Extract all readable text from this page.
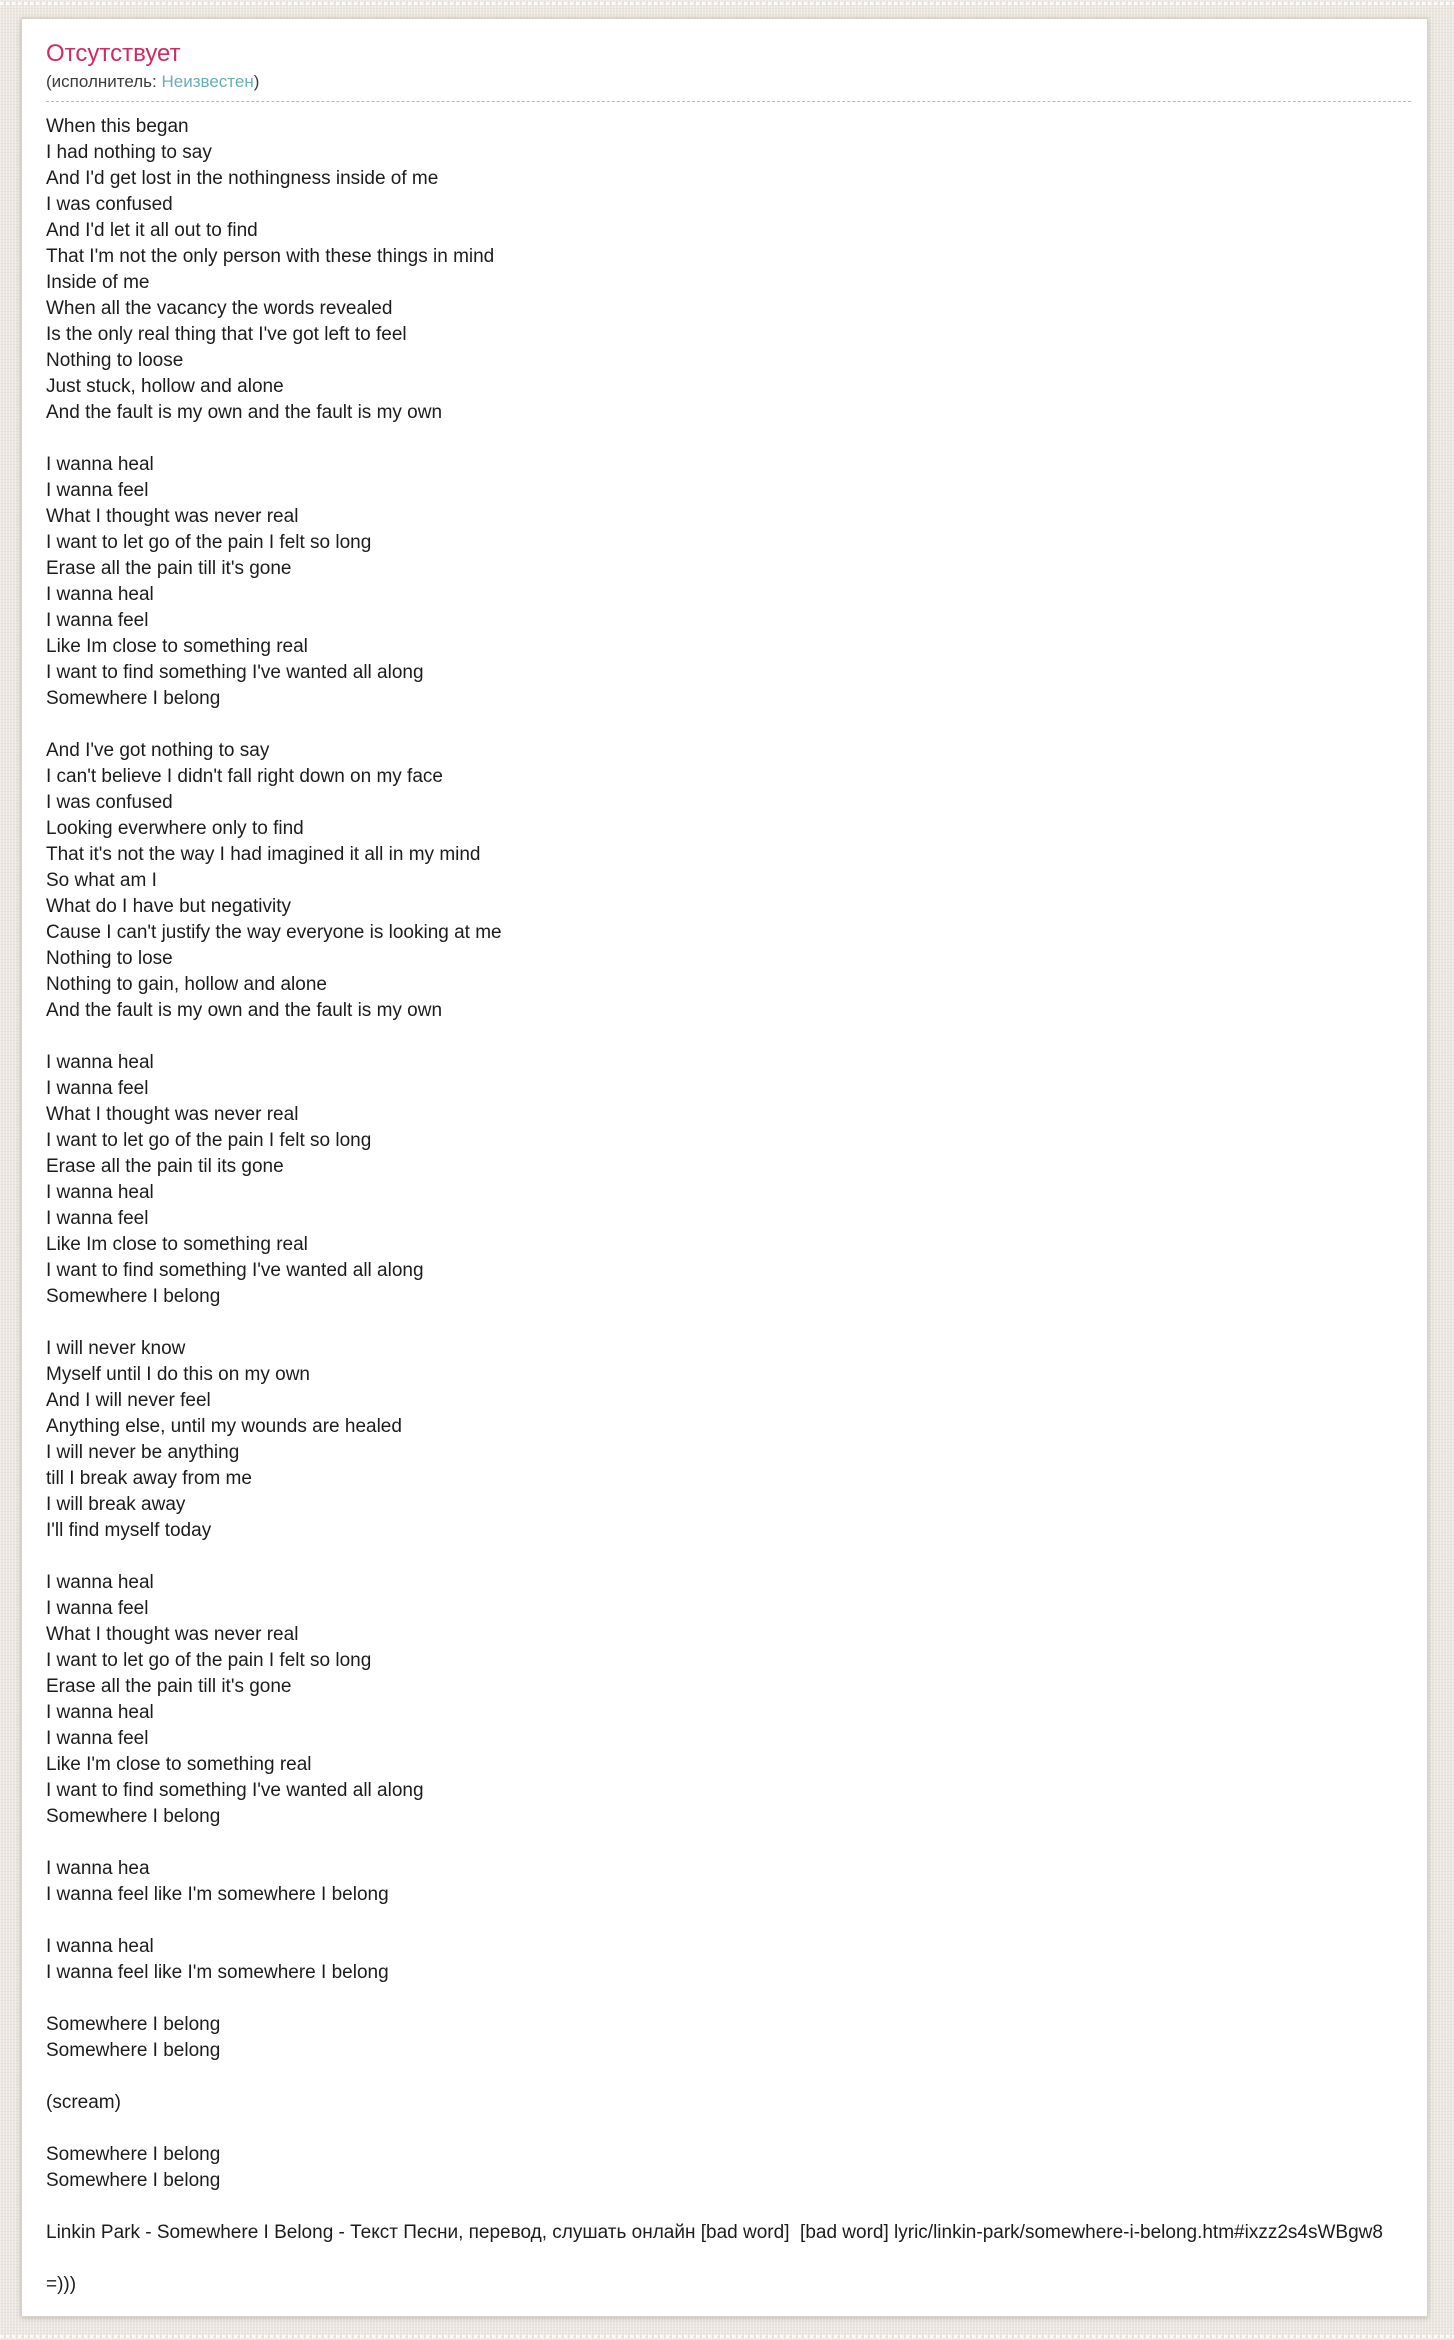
Отсутствует
(исполнитель: Неизвестен)
When this began
I had nothing to say
And I'd get lost in the nothingness inside of me
I was confused
And I'd let it all out to find
That I'm not the only person with these things in mind
Inside of me
When all the vacancy the words revealed
Is the only real thing that I've got left to feel
Nothing to loose
Just stuck, hollow and alone
And the fault is my own and the fault is my own
I wanna heal
I wanna feel
What I thought was never real
I want to let go of the pain I felt so long
Erase all the pain till it's gone
I wanna heal
I wanna feel
Like Im close to something real
I want to find something I've wanted all along
Somewhere I belong
And I've got nothing to say
I can't believe I didn't fall right down on my face
I was confused
Looking everwhere only to find
That it's not the way I had imagined it all in my mind
So what am I
What do I have but negativity
Cause I can't justify the way everyone is looking at me
Nothing to lose
Nothing to gain, hollow and alone
And the fault is my own and the fault is my own
I wanna heal
I wanna feel
What I thought was never real
I want to let go of the pain I felt so long
Erase all the pain til its gone
I wanna heal
I wanna feel
Like Im close to something real
I want to find something I've wanted all along
Somewhere I belong
I will never know
Myself until I do this on my own
And I will never feel
Anything else, until my wounds are healed
I will never be anything
till I break away from me
I will break away
I'll find myself today
I wanna heal
I wanna feel
What I thought was never real
I want to let go of the pain I felt so long
Erase all the pain till it's gone
I wanna heal
I wanna feel
Like I'm close to something real
I want to find something I've wanted all along
Somewhere I belong
I wanna hea
I wanna feel like I'm somewhere I belong
I wanna heal
I wanna feel like I'm somewhere I belong
Somewhere I belong
Somewhere I belong
(scream)
Somewhere I belong
Somewhere I belong
Linkin Park - Somewhere I Belong - Текст Песни, перевод, слушать онлайн [bad word]  [bad word] lyric/linkin-park/somewhere-i-belong.htm#ixzz2s4sWBgw8
=)))
